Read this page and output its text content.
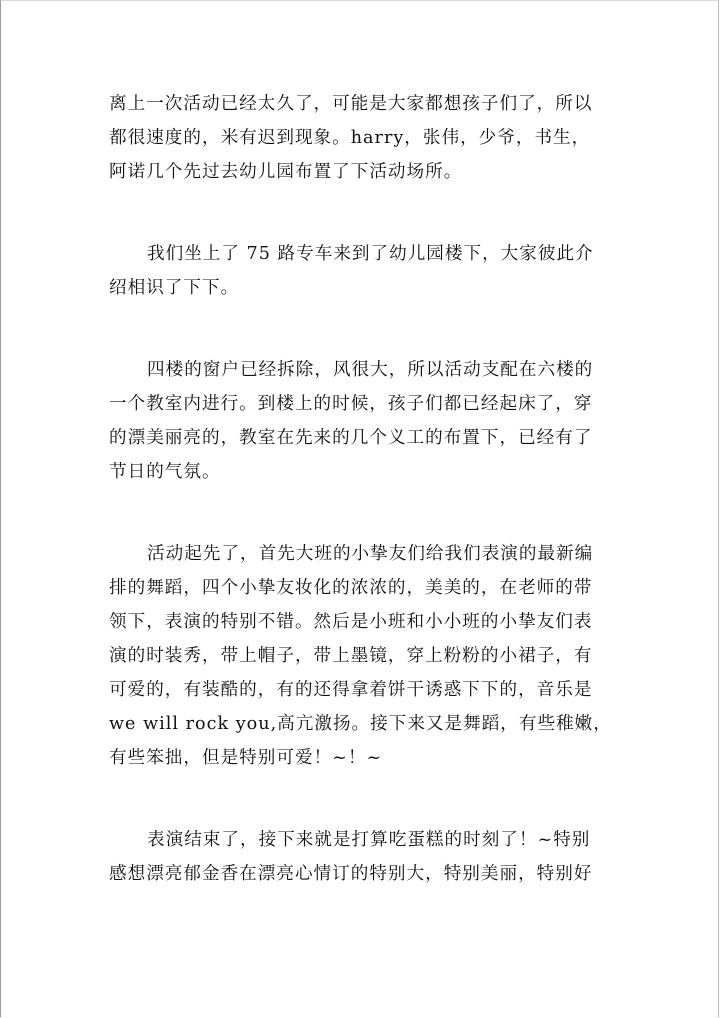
离上一次活动已经太久了，可能是大家都想孩子们了，所以
都很速度的，米有迟到现象。harry，张伟，少爷，书生，
阿诺几个先过去幼儿园布置了下活动场所。

我们坐上了 75 路专车来到了幼儿园楼下，大家彼此介
绍相识了下下。

四楼的窗户已经拆除，风很大，所以活动支配在六楼的
一个教室内进行。到楼上的时候，孩子们都已经起床了，穿
的漂美丽亮的，教室在先来的几个义工的布置下，已经有了
节日的气氛。

活动起先了，首先大班的小挚友们给我们表演的最新编
排的舞蹈，四个小挚友妆化的浓浓的，美美的，在老师的带
领下，表演的特别不错。然后是小班和小小班的小挚友们表
演的时装秀，带上帽子，带上墨镜，穿上粉粉的小裙子，有
可爱的，有装酷的，有的还得拿着饼干诱惑下下的，音乐是
we will rock you,高亢激扬。接下来又是舞蹈，有些稚嫩，
有些笨拙，但是特别可爱！~！~

表演结束了，接下来就是打算吃蛋糕的时刻了！~特别
感想漂亮郁金香在漂亮心情订的特别大，特别美丽，特别好
